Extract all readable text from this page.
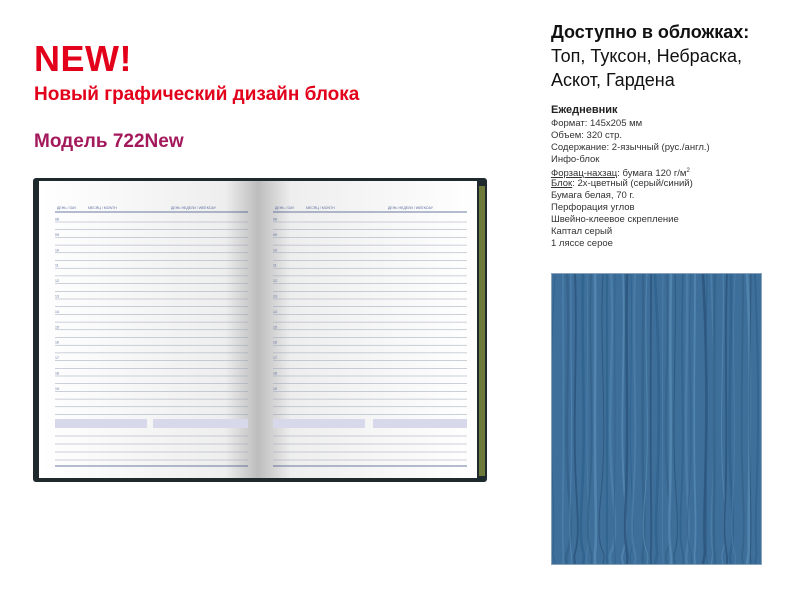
NEW!
Новый графический дизайн блока
Модель 722New
Доступно в обложках:
Топ, Туксон, Небраска,
Аскот, Гардена
Ежедневник
Формат: 145х205 мм
Объем: 320 стр.
Содержание: 2-язычный (рус./англ.)
Инфо-блок
Форзац-нахзац: бумага 120 $г/м^2$
Блок: 2х-цветный (серый/синий)
Бумага белая, 70 г.
Перфорация углов
Швейно-клеевое скрепление
Каптал серый
1 ляссе серое
ДЕНЬ / DAY	МЕСЯЦ / MONTH	ДЕНЬ НЕДЕЛИ / WEEKDAY
08
09
10
11
12
13
14
15
16
17
18
19
ДЕНЬ / DAY	МЕСЯЦ / MONTH	ДЕНЬ НЕДЕЛИ / WEEKDAY
08
09
10
11
12
13
14
15
16
17
18
19
